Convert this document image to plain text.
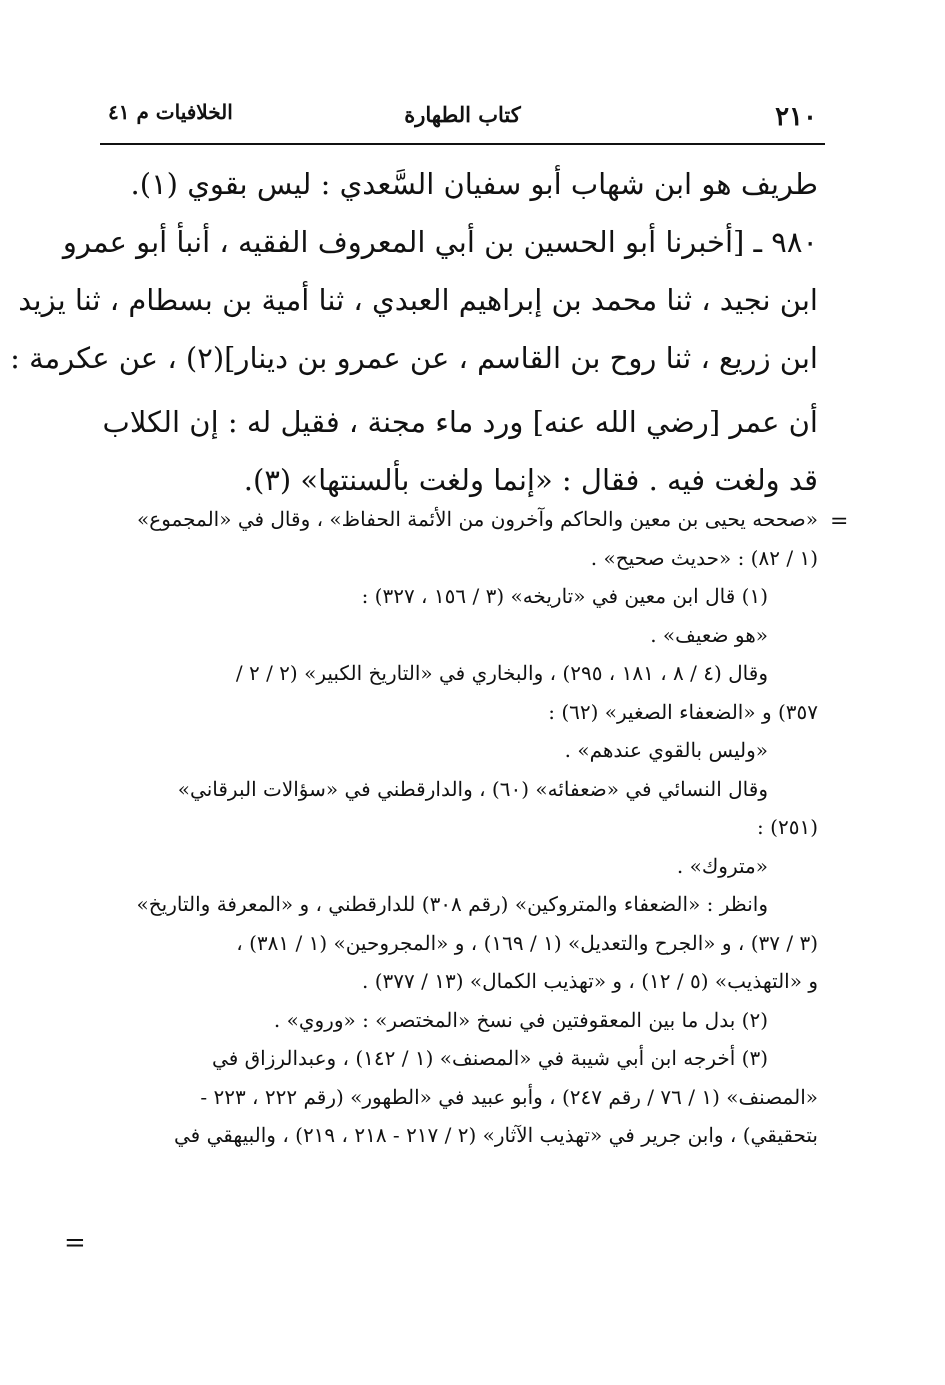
٢١٠
كتاب الطهارة
الخلافيات م ٤١
طريف هو ابن شهاب أبو سفيان السَّعدي : ليس بقوي (١).
٩٨٠ ـ [أخبرنا أبو الحسين بن أبي المعروف الفقيه ، أنبأ أبو عمرو
ابن نجيد ، ثنا محمد بن إبراهيم العبدي ، ثنا أمية بن بسطام ، ثنا يزيد
ابن زريع ، ثنا روح بن القاسم ، عن عمرو بن دينار](٢) ، عن عكرمة :
أن عمر [رضي الله عنه] ورد ماء مجنة ، فقيل له : إن الكلاب
قد ولغت فيه . فقال : «إنما ولغت بألسنتها» (٣).
=
«صححه يحيى بن معين والحاكم وآخرون من الأئمة الحفاظ» ، وقال في «المجموع»
(١ / ٨٢) : «حديث صحيح» .
(١) قال ابن معين في «تاريخه» (٣ / ١٥٦ ، ٣٢٧) :
«هو ضعيف» .
وقال (٤ / ٨ ، ١٨١ ، ٢٩٥) ، والبخاري في «التاريخ الكبير» (٢ / ٢ /
٣٥٧) و «الضعفاء الصغير» (٦٢) :
«وليس بالقوي عندهم» .
وقال النسائي في «ضعفائه» (٦٠) ، والدارقطني في «سؤالات البرقاني»
(٢٥١) :
«متروك» .
وانظر : «الضعفاء والمتروكين» (رقم ٣٠٨) للدارقطني ، و «المعرفة والتاريخ»
(٣ / ٣٧) ، و «الجرح والتعديل» (١ / ١٦٩) ، و «المجروحين» (١ / ٣٨١) ،
و «التهذيب» (٥ / ١٢) ، و «تهذيب الكمال» (١٣ / ٣٧٧) .
(٢) بدل ما بين المعقوفتين في نسخ «المختصر» : «وروي» .
(٣) أخرجه ابن أبي شيبة في «المصنف» (١ / ١٤٢) ، وعبدالرزاق في
«المصنف» (١ / ٧٦ / رقم ٢٤٧) ، وأبو عبيد في «الطهور» (رقم ٢٢٢ ، ٢٢٣ -
بتحقيقي) ، وابن جرير في «تهذيب الآثار» (٢ / ٢١٧ - ٢١٨ ، ٢١٩) ، والبيهقي في
=
